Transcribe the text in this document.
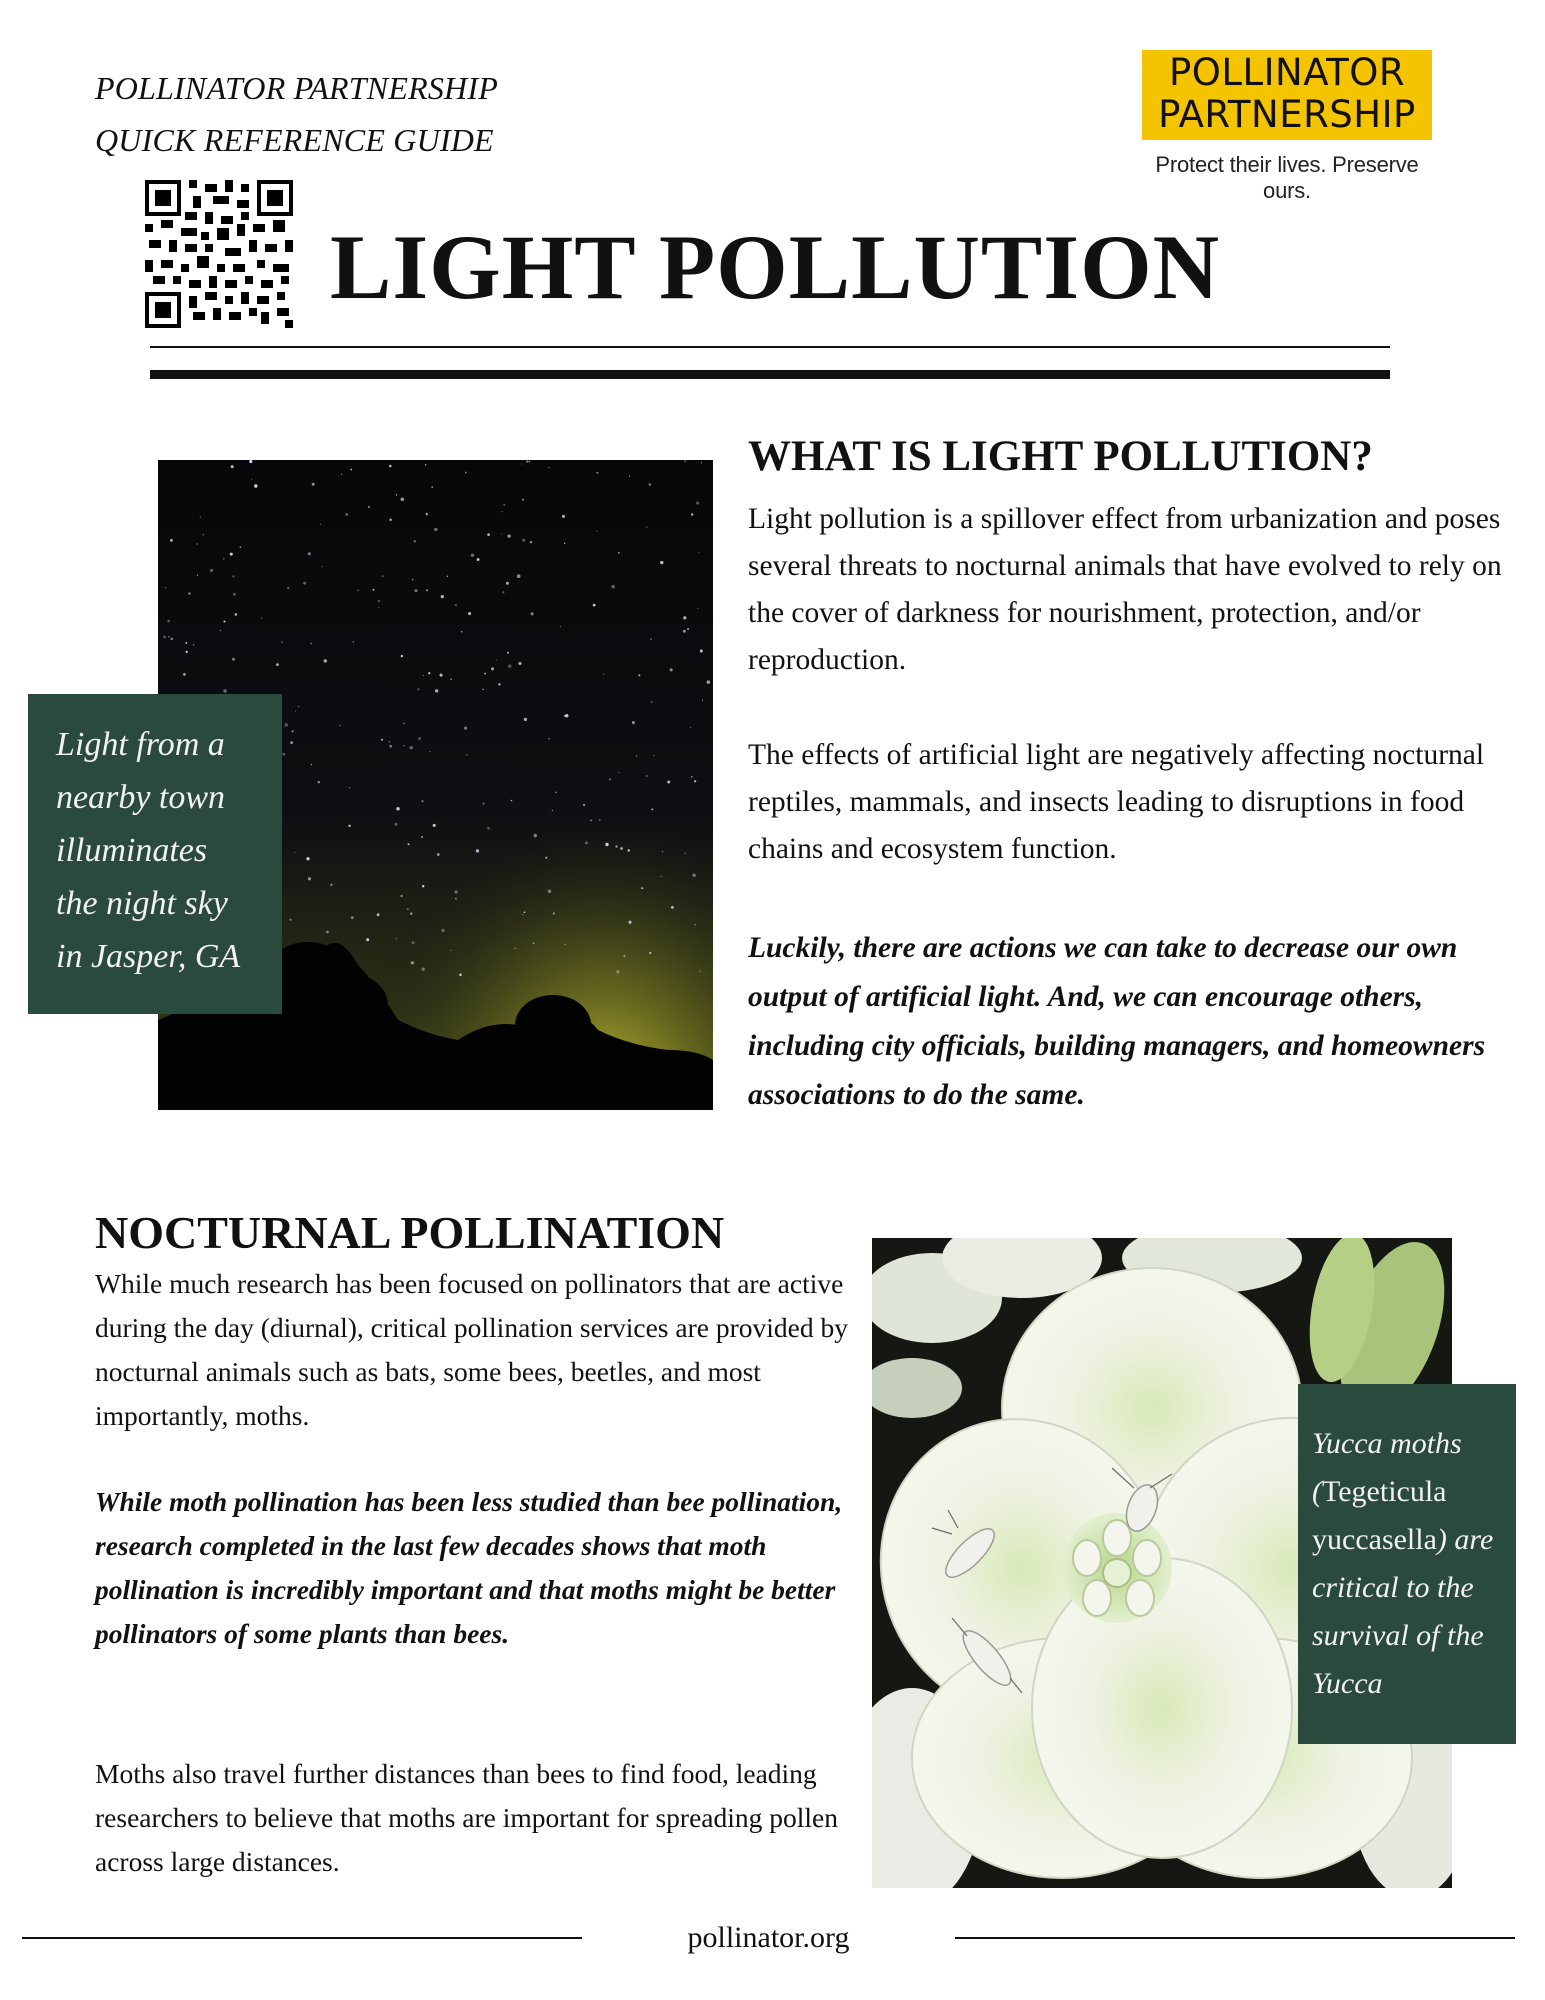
POLLINATOR PARTNERSHIP
QUICK REFERENCE GUIDE
POLLINATOR
PARTNERSHIP
Protect their lives. Preserve ours.
LIGHT POLLUTION
Light from a
nearby town
illuminates
the night sky
in Jasper, GA
WHAT IS LIGHT POLLUTION?
Light pollution is a spillover effect from urbanization and poses several threats to nocturnal animals that have evolved to rely on the cover of darkness for nourishment, protection, and/or reproduction.
The effects of artificial light are negatively affecting nocturnal reptiles, mammals, and insects leading to disruptions in food chains and ecosystem function.
Luckily, there are actions we can take to decrease our own output of artificial light. And, we can encourage others, including city officials, building managers, and homeowners associations to do the same.
NOCTURNAL POLLINATION
While much research has been focused on pollinators that are active during the day (diurnal), critical pollination services are provided by nocturnal animals such as bats, some bees, beetles, and most importantly, moths.
While moth pollination has been less studied than bee pollination, research completed in the last few decades shows that moth pollination is incredibly important and that moths might be better pollinators of some plants than bees.
Moths also travel further distances than bees to find food, leading researchers to believe that moths are important for spreading pollen across large distances.
Yucca moths (Tegeticula yuccasella) are critical to the survival of the Yucca
pollinator.org
